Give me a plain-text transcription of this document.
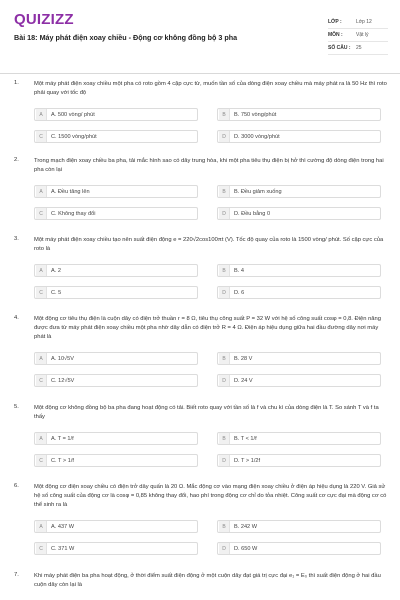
QUIZIZZ
Bài 18: Máy phát điện xoay chiều - Động cơ không đồng bộ 3 pha
LỚP :	Lớp 12
MÔN :	Vật lý
SỐ CÂU :	25
1.	Một máy phát điện xoay chiều một pha có roto gồm 4 cặp cực từ, muốn tần số của dòng điện xoay chiều mà máy phát ra là 50 Hz thì roto phải quay với tốc độ
A	A. 500 vòng/ phút	B	B. 750 vòng/phút
C	C. 1500 vòng/phút	D	D. 3000 vòng/phút
2.	Trong mạch điện xoay chiều ba pha, tải mắc hình sao có dây trung hòa, khi một pha tiêu thụ điện bị hở thì cường độ dòng điện trong hai pha còn lại
A	A. Đều tăng lên	B	B. Đều giảm xuống
C	C. Không thay đổi	D	D. Đều bằng 0
3.	Một máy phát điện xoay chiều tạo nên suất điện động e = 220√2cos100πt (V). Tốc độ quay của roto là 1500 vòng/ phút. Số cặp cực của roto là
A	A. 2	B	B. 4
C	C. 5	D	D. 6
4.	Một động cơ tiêu thụ điện là cuộn dây có điện trở thuần r = 8 Ω, tiêu thụ công suất P = 32 W với hệ số công suất cosφ = 0,8. Điện năng được đưa từ máy phát điện xoay chiều một pha nhờ dây dẫn có điện trở R = 4 Ω. Điện áp hiệu dụng giữa hai đầu đường dây nơi máy phát là
A	A. 10√5V	B	B. 28 V
C	C. 12√5V	D	D. 24 V
5.	Một động cơ không đồng bộ ba pha đang hoạt động có tải. Biết roto quay với tần số là f và chu kì của dòng điện là T. So sánh T và f ta thấy
A	A. T = 1/f	B	B. T < 1/f
C	C. T > 1/f	D	D. T > 1/2f
6.	Một động cơ điện xoay chiều có điện trở dây quấn là 20 Ω. Mắc động cơ vào mạng điện xoay chiều ở điện áp hiệu dụng là 220 V. Giả sử hệ số công suất của động cơ là cosφ = 0,85 không thay đổi, hao phí trong động cơ chỉ do tỏa nhiệt. Công suất cơ cực đại mà động cơ có thể sinh ra là
A	A. 437 W	B	B. 242 W
C	C. 371 W	D	D. 650 W
7.	Khi máy phát điện ba pha hoạt động, ở thời điểm suất điện động ở một cuộn dây đạt giá trị cực đại e₁ = E₀ thì suất điện động ở hai đầu cuộn dây còn lại là
